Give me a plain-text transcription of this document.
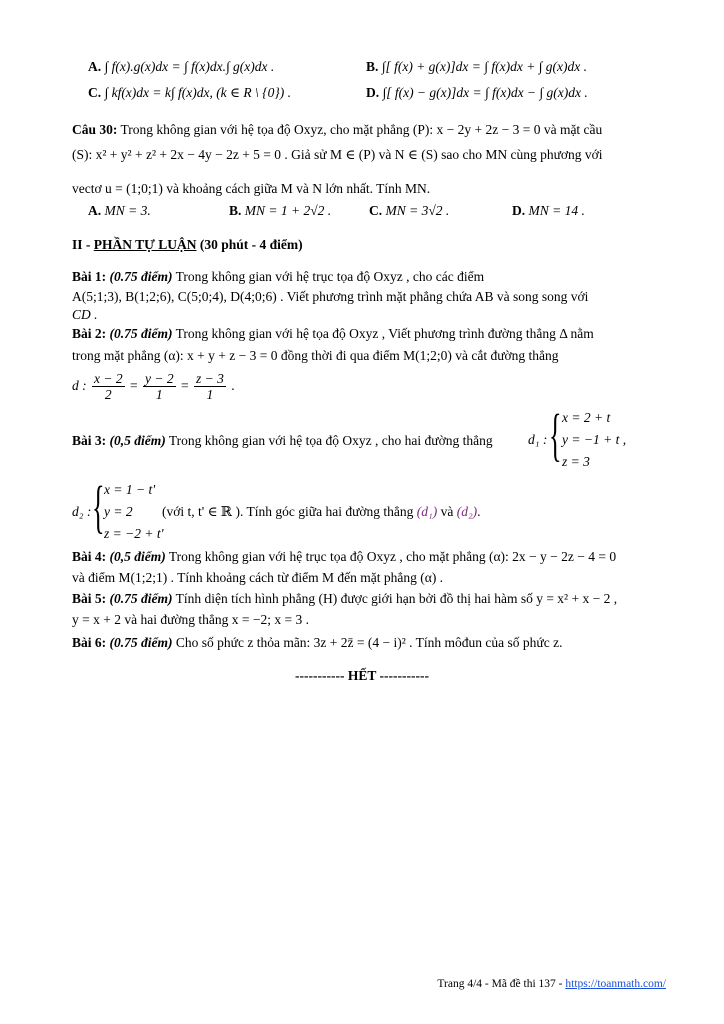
A. ∫ f(x).g(x)dx = ∫ f(x)dx.∫ g(x)dx .	B. ∫[ f(x) + g(x)]dx = ∫ f(x)dx + ∫ g(x)dx .
C. ∫ kf(x)dx = k∫ f(x)dx, (k ∈ R \ {0}) .	D. ∫[ f(x) − g(x)]dx = ∫ f(x)dx − ∫ g(x)dx .
Câu 30: Trong không gian với hệ tọa độ Oxyz, cho mặt phẳng (P): x − 2y + 2z − 3 = 0 và mặt cầu
(S): x² + y² + z² + 2x − 4y − 2z + 5 = 0 . Giả sử M ∈ (P) và N ∈ (S) sao cho MN cùng phương với
vectơ u = (1;0;1) và khoảng cách giữa M và N lớn nhất. Tính MN.
A. MN = 3.	B. MN = 1 + 2√2 .	C. MN = 3√2 .	D. MN = 14 .
II - PHẦN TỰ LUẬN (30 phút - 4 điểm)
Bài 1: (0.75 điểm) Trong không gian với hệ trục tọa độ Oxyz , cho các điểm
A(5;1;3), B(1;2;6), C(5;0;4), D(4;0;6) . Viết phương trình mặt phẳng chứa AB và song song với
CD .
Bài 2: (0.75 điểm) Trong không gian với hệ tọa độ Oxyz , Viết phương trình đường thẳng Δ nằm
trong mặt phẳng (α): x + y + z − 3 = 0 đồng thời đi qua điểm M(1;2;0) và cắt đường thẳng
d : $\frac{x - 2}{2} = \frac{y - 2}{1} = \frac{z - 3}{1}$ .
Bài 3: (0,5 điểm) Trong không gian với hệ tọa độ Oxyz , cho hai đường thẳng	d₁ : { x = 2 + t
y = −1 + t ,
z = 3
d₂ : { x = 1 − t'
y = 2
z = −2 + t'
(với t, t' ∈ ℝ ). Tính góc giữa hai đường thẳng (d₁) và (d₂).
Bài 4: (0,5 điểm) Trong không gian với hệ trục tọa độ Oxyz , cho mặt phẳng (α): 2x − y − 2z − 4 = 0
và điểm M(1;2;1) . Tính khoảng cách từ điểm M đến mặt phẳng (α) .
Bài 5: (0.75 điểm) Tính diện tích hình phẳng (H) được giới hạn bởi đồ thị hai hàm số y = x² + x − 2 ,
y = x + 2 và hai đường thẳng x = −2; x = 3 .
Bài 6: (0.75 điểm) Cho số phức z thỏa mãn: 3z + 2z̄ = (4 − i)² . Tính môđun của số phức z.
----------- HẾT -----------
Trang 4/4 - Mã đề thi 137 - https://toanmath.com/
